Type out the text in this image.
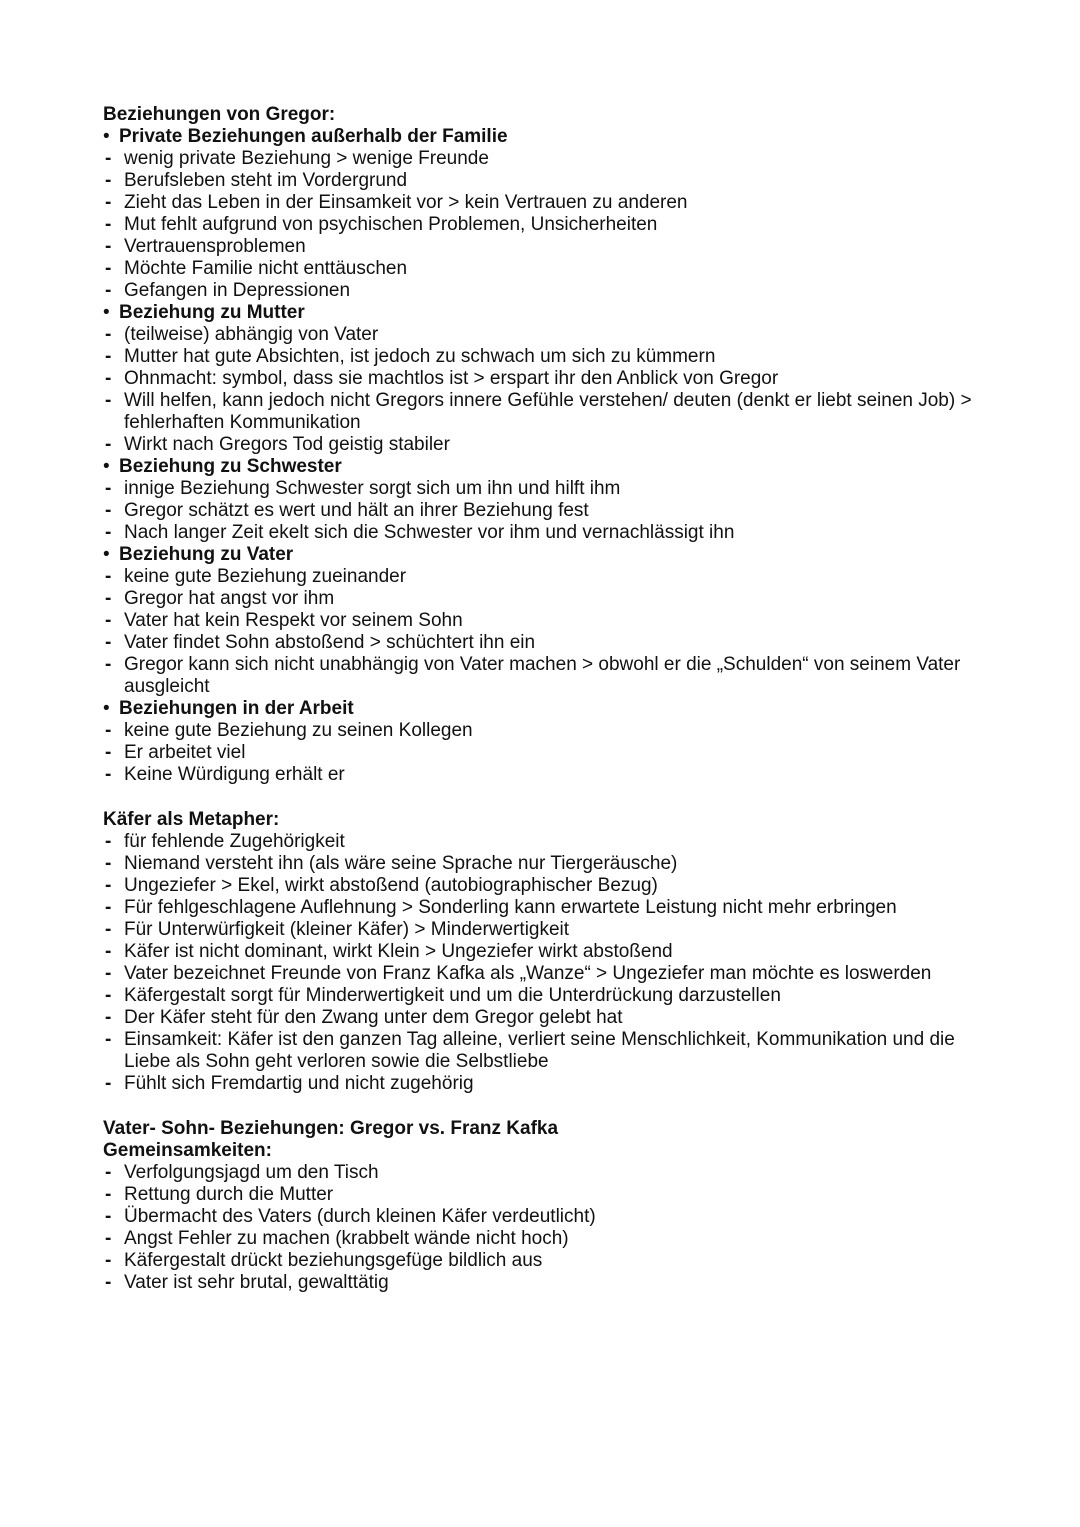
Beziehungen von Gregor:
• Private Beziehungen außerhalb der Familie
- wenig private Beziehung > wenige Freunde
- Berufsleben steht im Vordergrund
- Zieht das Leben in der Einsamkeit vor > kein Vertrauen zu anderen
- Mut fehlt aufgrund von psychischen Problemen, Unsicherheiten
- Vertrauensproblemen
- Möchte Familie nicht enttäuschen
- Gefangen in Depressionen
• Beziehung zu Mutter
- (teilweise) abhängig von Vater
- Mutter hat gute Absichten, ist jedoch zu schwach um sich zu kümmern
- Ohnmacht: symbol, dass sie machtlos ist > erspart ihr den Anblick von Gregor
- Will helfen, kann jedoch nicht Gregors innere Gefühle verstehen/ deuten (denkt er liebt seinen Job) > fehlerhaften Kommunikation
- Wirkt nach Gregors Tod geistig stabiler
• Beziehung zu Schwester
- innige Beziehung Schwester sorgt sich um ihn und hilft ihm
- Gregor schätzt es wert und hält an ihrer Beziehung fest
- Nach langer Zeit ekelt sich die Schwester vor ihm und vernachlässigt ihn
• Beziehung zu Vater
- keine gute Beziehung zueinander
- Gregor hat angst vor ihm
- Vater hat kein Respekt vor seinem Sohn
- Vater findet Sohn abstoßend > schüchtert ihn ein
- Gregor kann sich nicht unabhängig von Vater machen > obwohl er die „Schulden“ von seinem Vater ausgleicht
• Beziehungen in der Arbeit
- keine gute Beziehung zu seinen Kollegen
- Er arbeitet viel
- Keine Würdigung erhält er
Käfer als Metapher:
- für fehlende Zugehörigkeit
- Niemand versteht ihn (als wäre seine Sprache nur Tiergeräusche)
- Ungeziefer > Ekel, wirkt abstoßend (autobiographischer Bezug)
- Für fehlgeschlagene Auflehnung > Sonderling kann erwartete Leistung nicht mehr erbringen
- Für Unterwürfigkeit (kleiner Käfer) > Minderwertigkeit
- Käfer ist nicht dominant, wirkt Klein > Ungeziefer wirkt abstoßend
- Vater bezeichnet Freunde von Franz Kafka als „Wanze“ > Ungeziefer man möchte es loswerden
- Käfergestalt sorgt für Minderwertigkeit und um die Unterdrückung darzustellen
- Der Käfer steht für den Zwang unter dem Gregor gelebt hat
- Einsamkeit: Käfer ist den ganzen Tag alleine, verliert seine Menschlichkeit, Kommunikation und die Liebe als Sohn geht verloren sowie die Selbstliebe
- Fühlt sich Fremdartig und nicht zugehörig
Vater- Sohn- Beziehungen: Gregor vs. Franz Kafka
Gemeinsamkeiten:
- Verfolgungsjagd um den Tisch
- Rettung durch die Mutter
- Übermacht des Vaters (durch kleinen Käfer verdeutlicht)
- Angst Fehler zu machen (krabbelt wände nicht hoch)
- Käfergestalt drückt beziehungsgefüge bildlich aus
- Vater ist sehr brutal, gewalttätig
